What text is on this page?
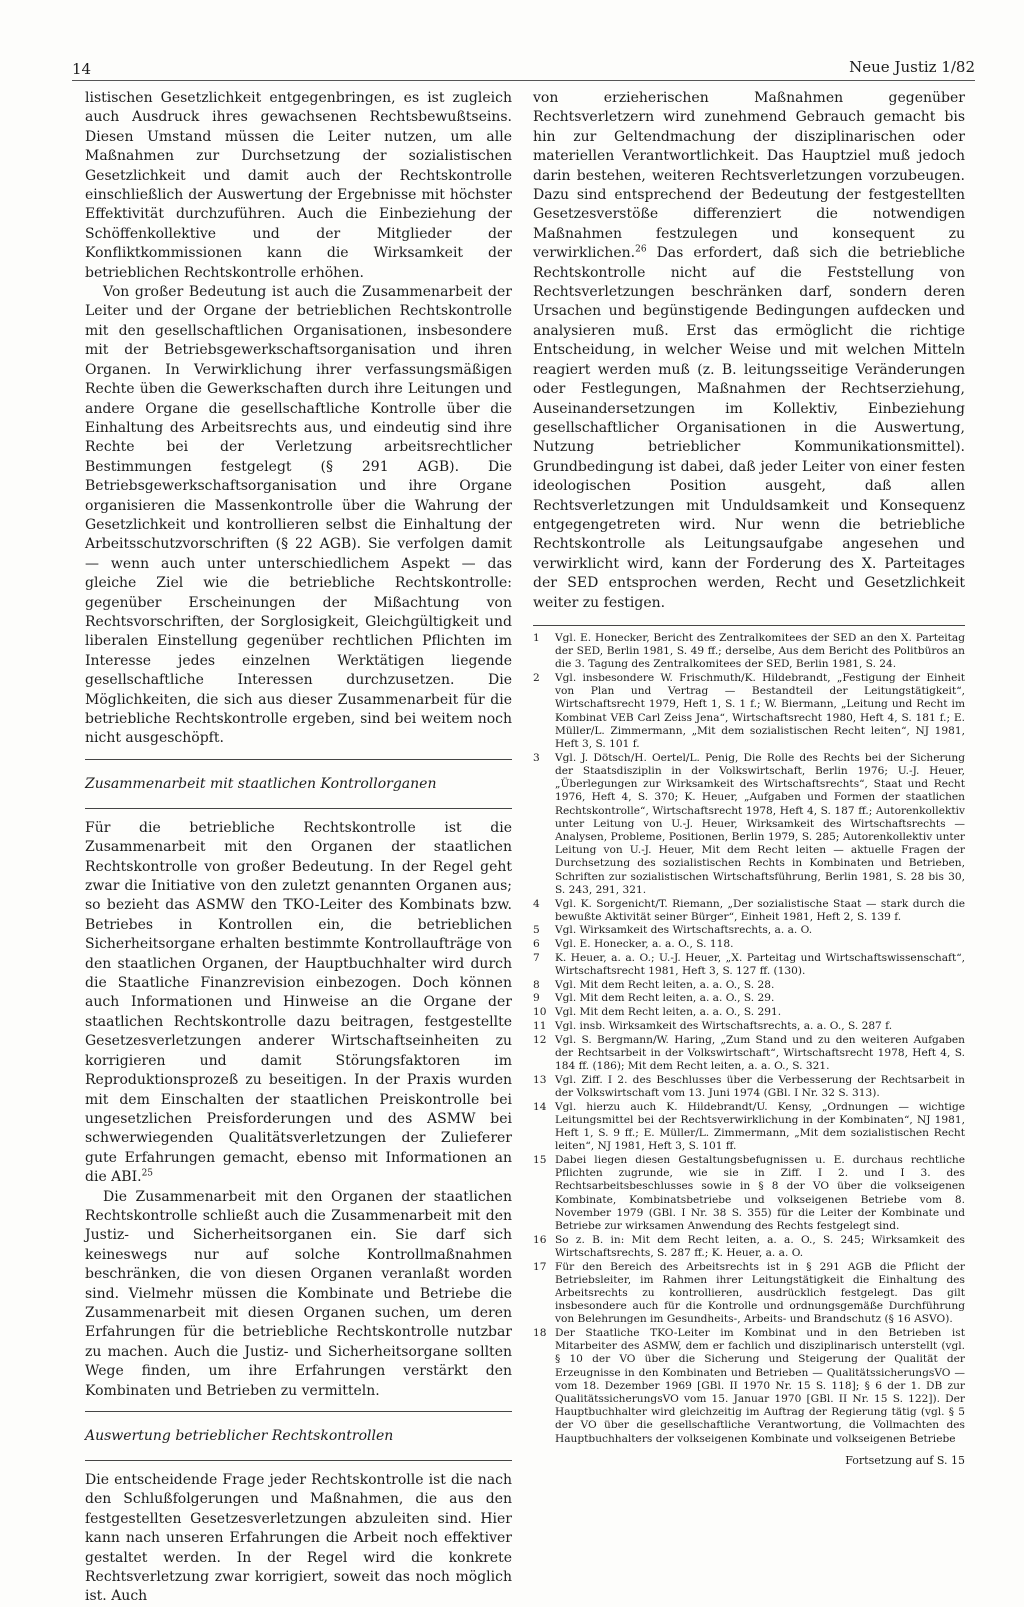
14	Neue Justiz 1/82

listischen Gesetzlichkeit entgegenbringen, es ist zugleich auch Ausdruck ihres gewachsenen Rechtsbewußtseins. Diesen Umstand müssen die Leiter nutzen, um alle Maßnahmen zur Durchsetzung der sozialistischen Gesetzlichkeit und damit auch der Rechtskontrolle einschließlich der Auswertung der Ergebnisse mit höchster Effektivität durchzuführen. Auch die Einbeziehung der Schöffenkollektive und der Mitglieder der Konfliktkommissionen kann die Wirksamkeit der betrieblichen Rechtskontrolle erhöhen.

Von großer Bedeutung ist auch die Zusammenarbeit der Leiter und der Organe der betrieblichen Rechtskontrolle mit den gesellschaftlichen Organisationen, insbesondere mit der Betriebsgewerkschaftsorganisation und ihren Organen. In Verwirklichung ihrer verfassungsmäßigen Rechte üben die Gewerkschaften durch ihre Leitungen und andere Organe die gesellschaftliche Kontrolle über die Einhaltung des Arbeitsrechts aus, und eindeutig sind ihre Rechte bei der Verletzung arbeitsrechtlicher Bestimmungen festgelegt (§ 291 AGB). Die Betriebsgewerkschaftsorganisation und ihre Organe organisieren die Massenkontrolle über die Wahrung der Gesetzlichkeit und kontrollieren selbst die Einhaltung der Arbeitsschutzvorschriften (§ 22 AGB). Sie verfolgen damit — wenn auch unter unterschiedlichem Aspekt — das gleiche Ziel wie die betriebliche Rechtskontrolle: gegenüber Erscheinungen der Mißachtung von Rechtsvorschriften, der Sorglosigkeit, Gleichgültigkeit und liberalen Einstellung gegenüber rechtlichen Pflichten im Interesse jedes einzelnen Werktätigen liegende gesellschaftliche Interessen durchzusetzen. Die Möglichkeiten, die sich aus dieser Zusammenarbeit für die betriebliche Rechtskontrolle ergeben, sind bei weitem noch nicht ausgeschöpft.

Zusammenarbeit mit staatlichen Kontrollorganen

Für die betriebliche Rechtskontrolle ist die Zusammenarbeit mit den Organen der staatlichen Rechtskontrolle von großer Bedeutung. In der Regel geht zwar die Initiative von den zuletzt genannten Organen aus; so bezieht das ASMW den TKO-Leiter des Kombinats bzw. Betriebes in Kontrollen ein, die betrieblichen Sicherheitsorgane erhalten bestimmte Kontrollaufträge von den staatlichen Organen, der Hauptbuchhalter wird durch die Staatliche Finanzrevision einbezogen. Doch können auch Informationen und Hinweise an die Organe der staatlichen Rechtskontrolle dazu beitragen, festgestellte Gesetzesverletzungen anderer Wirtschaftseinheiten zu korrigieren und damit Störungsfaktoren im Reproduktionsprozeß zu beseitigen. In der Praxis wurden mit dem Einschalten der staatlichen Preiskontrolle bei ungesetzlichen Preisforderungen und des ASMW bei schwerwiegenden Qualitätsverletzungen der Zulieferer gute Erfahrungen gemacht, ebenso mit Informationen an die ABI.$^{25}$

Die Zusammenarbeit mit den Organen der staatlichen Rechtskontrolle schließt auch die Zusammenarbeit mit den Justiz- und Sicherheitsorganen ein. Sie darf sich keineswegs nur auf solche Kontrollmaßnahmen beschränken, die von diesen Organen veranlaßt worden sind. Vielmehr müssen die Kombinate und Betriebe die Zusammenarbeit mit diesen Organen suchen, um deren Erfahrungen für die betriebliche Rechtskontrolle nutzbar zu machen. Auch die Justiz- und Sicherheitsorgane sollten Wege finden, um ihre Erfahrungen verstärkt den Kombinaten und Betrieben zu vermitteln.

Auswertung betrieblicher Rechtskontrollen

Die entscheidende Frage jeder Rechtskontrolle ist die nach den Schlußfolgerungen und Maßnahmen, die aus den festgestellten Gesetzesverletzungen abzuleiten sind. Hier kann nach unseren Erfahrungen die Arbeit noch effektiver gestaltet werden. In der Regel wird die konkrete Rechtsverletzung zwar korrigiert, soweit das noch möglich ist. Auch

von erzieherischen Maßnahmen gegenüber Rechtsverletzern wird zunehmend Gebrauch gemacht bis hin zur Geltendmachung der disziplinarischen oder materiellen Verantwortlichkeit. Das Hauptziel muß jedoch darin bestehen, weiteren Rechtsverletzungen vorzubeugen. Dazu sind entsprechend der Bedeutung der festgestellten Gesetzesverstöße differenziert die notwendigen Maßnahmen festzulegen und konsequent zu verwirklichen.$^{26}$ Das erfordert, daß sich die betriebliche Rechtskontrolle nicht auf die Feststellung von Rechtsverletzungen beschränken darf, sondern deren Ursachen und begünstigende Bedingungen aufdecken und analysieren muß. Erst das ermöglicht die richtige Entscheidung, in welcher Weise und mit welchen Mitteln reagiert werden muß (z. B. leitungsseitige Veränderungen oder Festlegungen, Maßnahmen der Rechtserziehung, Auseinandersetzungen im Kollektiv, Einbeziehung gesellschaftlicher Organisationen in die Auswertung, Nutzung betrieblicher Kommunikationsmittel). Grundbedingung ist dabei, daß jeder Leiter von einer festen ideologischen Position ausgeht, daß allen Rechtsverletzungen mit Unduldsamkeit und Konsequenz entgegengetreten wird. Nur wenn die betriebliche Rechtskontrolle als Leitungsaufgabe angesehen und verwirklicht wird, kann der Forderung des X. Parteitages der SED entsprochen werden, Recht und Gesetzlichkeit weiter zu festigen.

1	Vgl. E. Honecker, Bericht des Zentralkomitees der SED an den X. Parteitag der SED, Berlin 1981, S. 49 ff.; derselbe, Aus dem Bericht des Politbüros an die 3. Tagung des Zentralkomitees der SED, Berlin 1981, S. 24.
2	Vgl. insbesondere W. Frischmuth/K. Hildebrandt, „Festigung der Einheit von Plan und Vertrag — Bestandteil der Leitungstätigkeit“, Wirtschaftsrecht 1979, Heft 1, S. 1 f.; W. Biermann, „Leitung und Recht im Kombinat VEB Carl Zeiss Jena“, Wirtschaftsrecht 1980, Heft 4, S. 181 f.; E. Müller/L. Zimmermann, „Mit dem sozialistischen Recht leiten“, NJ 1981, Heft 3, S. 101 f.
3	Vgl. J. Dötsch/H. Oertel/L. Penig, Die Rolle des Rechts bei der Sicherung der Staatsdisziplin in der Volkswirtschaft, Berlin 1976; U.-J. Heuer, „Überlegungen zur Wirksamkeit des Wirtschaftsrechts“, Staat und Recht 1976, Heft 4, S. 370; K. Heuer, „Aufgaben und Formen der staatlichen Rechtskontrolle“, Wirtschaftsrecht 1978, Heft 4, S. 187 ff.; Autorenkollektiv unter Leitung von U.-J. Heuer, Wirksamkeit des Wirtschaftsrechts — Analysen, Probleme, Positionen, Berlin 1979, S. 285; Autorenkollektiv unter Leitung von U.-J. Heuer, Mit dem Recht leiten — aktuelle Fragen der Durchsetzung des sozialistischen Rechts in Kombinaten und Betrieben, Schriften zur sozialistischen Wirtschaftsführung, Berlin 1981, S. 28 bis 30, S. 243, 291, 321.
4	Vgl. K. Sorgenicht/T. Riemann, „Der sozialistische Staat — stark durch die bewußte Aktivität seiner Bürger“, Einheit 1981, Heft 2, S. 139 f.
5	Vgl. Wirksamkeit des Wirtschaftsrechts, a. a. O.
6	Vgl. E. Honecker, a. a. O., S. 118.
7	K. Heuer, a. a. O.; U.-J. Heuer, „X. Parteitag und Wirtschaftswissenschaft“, Wirtschaftsrecht 1981, Heft 3, S. 127 ff. (130).
8	Vgl. Mit dem Recht leiten, a. a. O., S. 28.
9	Vgl. Mit dem Recht leiten, a. a. O., S. 29.
10 Vgl. Mit dem Recht leiten, a. a. O., S. 291.
11 Vgl. insb. Wirksamkeit des Wirtschaftsrechts, a. a. O., S. 287 f.
12 Vgl. S. Bergmann/W. Haring, „Zum Stand und zu den weiteren Aufgaben der Rechtsarbeit in der Volkswirtschaft“, Wirtschaftsrecht 1978, Heft 4, S. 184 ff. (186); Mit dem Recht leiten, a. a. O., S. 321.
13 Vgl. Ziff. I 2. des Beschlusses über die Verbesserung der Rechtsarbeit in der Volkswirtschaft vom 13. Juni 1974 (GBl. I Nr. 32 S. 313).
14 Vgl. hierzu auch K. Hildebrandt/U. Kensy, „Ordnungen — wichtige Leitungsmittel bei der Rechtsverwirklichung in der Kombinaten“, NJ 1981, Heft 1, S. 9 ff.; E. Müller/L. Zimmermann, „Mit dem sozialistischen Recht leiten“, NJ 1981, Heft 3, S. 101 ff.
15 Dabei liegen diesen Gestaltungsbefugnissen u. E. durchaus rechtliche Pflichten zugrunde, wie sie in Ziff. I 2. und I 3. des Rechtsarbeitsbeschlusses sowie in § 8 der VO über die volkseigenen Kombinate, Kombinatsbetriebe und volkseigenen Betriebe vom 8. November 1979 (GBl. I Nr. 38 S. 355) für die Leiter der Kombinate und Betriebe zur wirksamen Anwendung des Rechts festgelegt sind.
16 So z. B. in: Mit dem Recht leiten, a. a. O., S. 245; Wirksamkeit des Wirtschaftsrechts, S. 287 ff.; K. Heuer, a. a. O.
17 Für den Bereich des Arbeitsrechts ist in § 291 AGB die Pflicht der Betriebsleiter, im Rahmen ihrer Leitungstätigkeit die Einhaltung des Arbeitsrechts zu kontrollieren, ausdrücklich festgelegt. Das gilt insbesondere auch für die Kontrolle und ordnungsgemäße Durchführung von Belehrungen im Gesundheits-, Arbeits- und Brandschutz (§ 16 ASVO).
18 Der Staatliche TKO-Leiter im Kombinat und in den Betrieben ist Mitarbeiter des ASMW, dem er fachlich und disziplinarisch unterstellt (vgl. § 10 der VO über die Sicherung und Steigerung der Qualität der Erzeugnisse in den Kombinaten und Betrieben — QualitätssicherungsVO — vom 18. Dezember 1969 [GBl. II 1970 Nr. 15 S. 118]; § 6 der 1. DB zur QualitätssicherungsVO vom 15. Januar 1970 [GBl. II Nr. 15 S. 122]). Der Hauptbuchhalter wird gleichzeitig im Auftrag der Regierung tätig (vgl. § 5 der VO über die gesellschaftliche Verantwortung, die Vollmachten des Hauptbuchhalters der volkseigenen Kombinate und volkseigenen Betriebe
Fortsetzung auf S. 15
